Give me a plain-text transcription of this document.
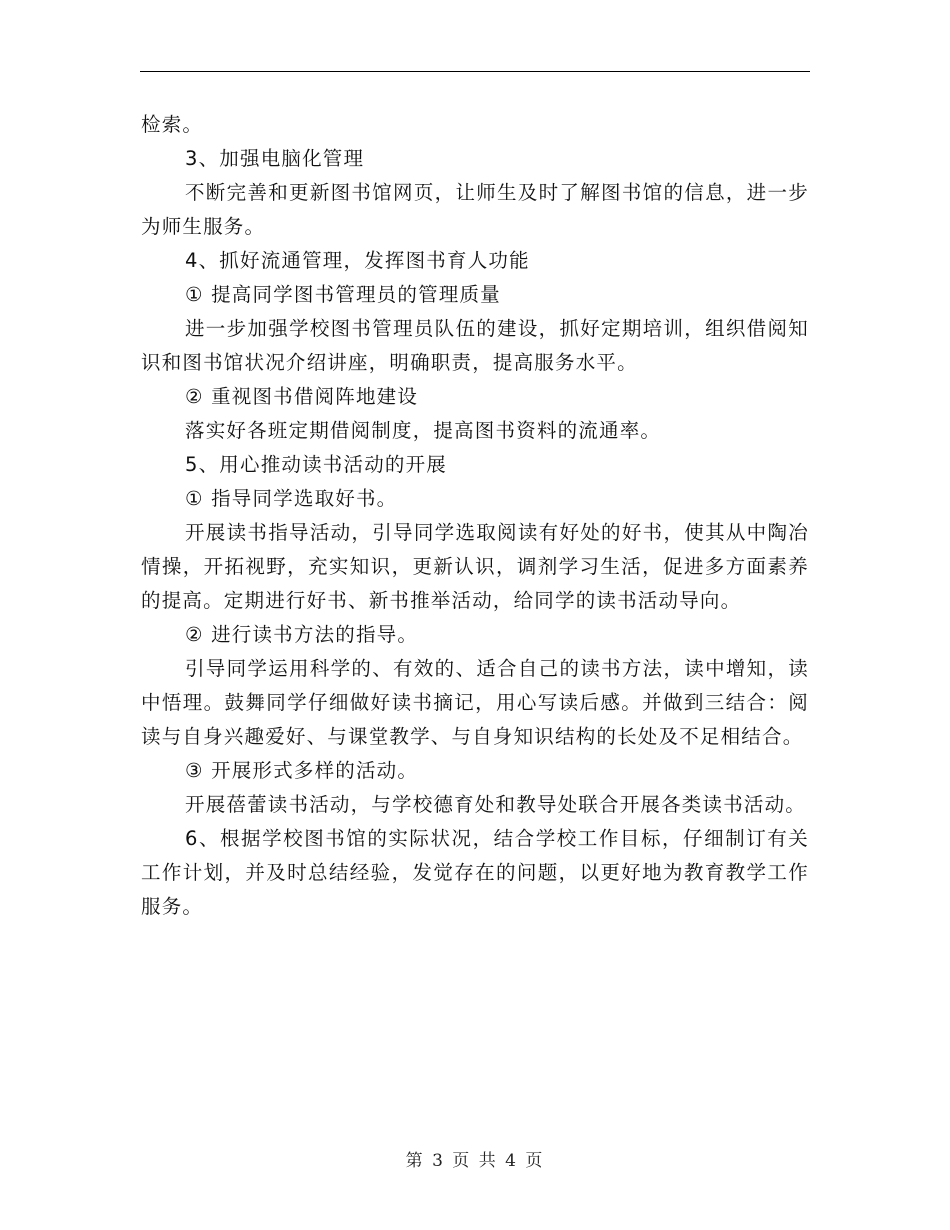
检索。

3、加强电脑化管理

不断完善和更新图书馆网页，让师生及时了解图书馆的信息，进一步为师生服务。

4、抓好流通管理，发挥图书育人功能

① 提高同学图书管理员的管理质量

进一步加强学校图书管理员队伍的建设，抓好定期培训，组织借阅知识和图书馆状况介绍讲座，明确职责，提高服务水平。

② 重视图书借阅阵地建设

落实好各班定期借阅制度，提高图书资料的流通率。

5、用心推动读书活动的开展

① 指导同学选取好书。

开展读书指导活动，引导同学选取阅读有好处的好书，使其从中陶冶情操，开拓视野，充实知识，更新认识，调剂学习生活，促进多方面素养的提高。定期进行好书、新书推举活动，给同学的读书活动导向。

② 进行读书方法的指导。

引导同学运用科学的、有效的、适合自己的读书方法，读中增知，读中悟理。鼓舞同学仔细做好读书摘记，用心写读后感。并做到三结合：阅读与自身兴趣爱好、与课堂教学、与自身知识结构的长处及不足相结合。

③ 开展形式多样的活动。

开展蓓蕾读书活动，与学校德育处和教导处联合开展各类读书活动。

6、根据学校图书馆的实际状况，结合学校工作目标，仔细制订有关工作计划，并及时总结经验，发觉存在的问题，以更好地为教育教学工作服务。

第 3 页 共 4 页
